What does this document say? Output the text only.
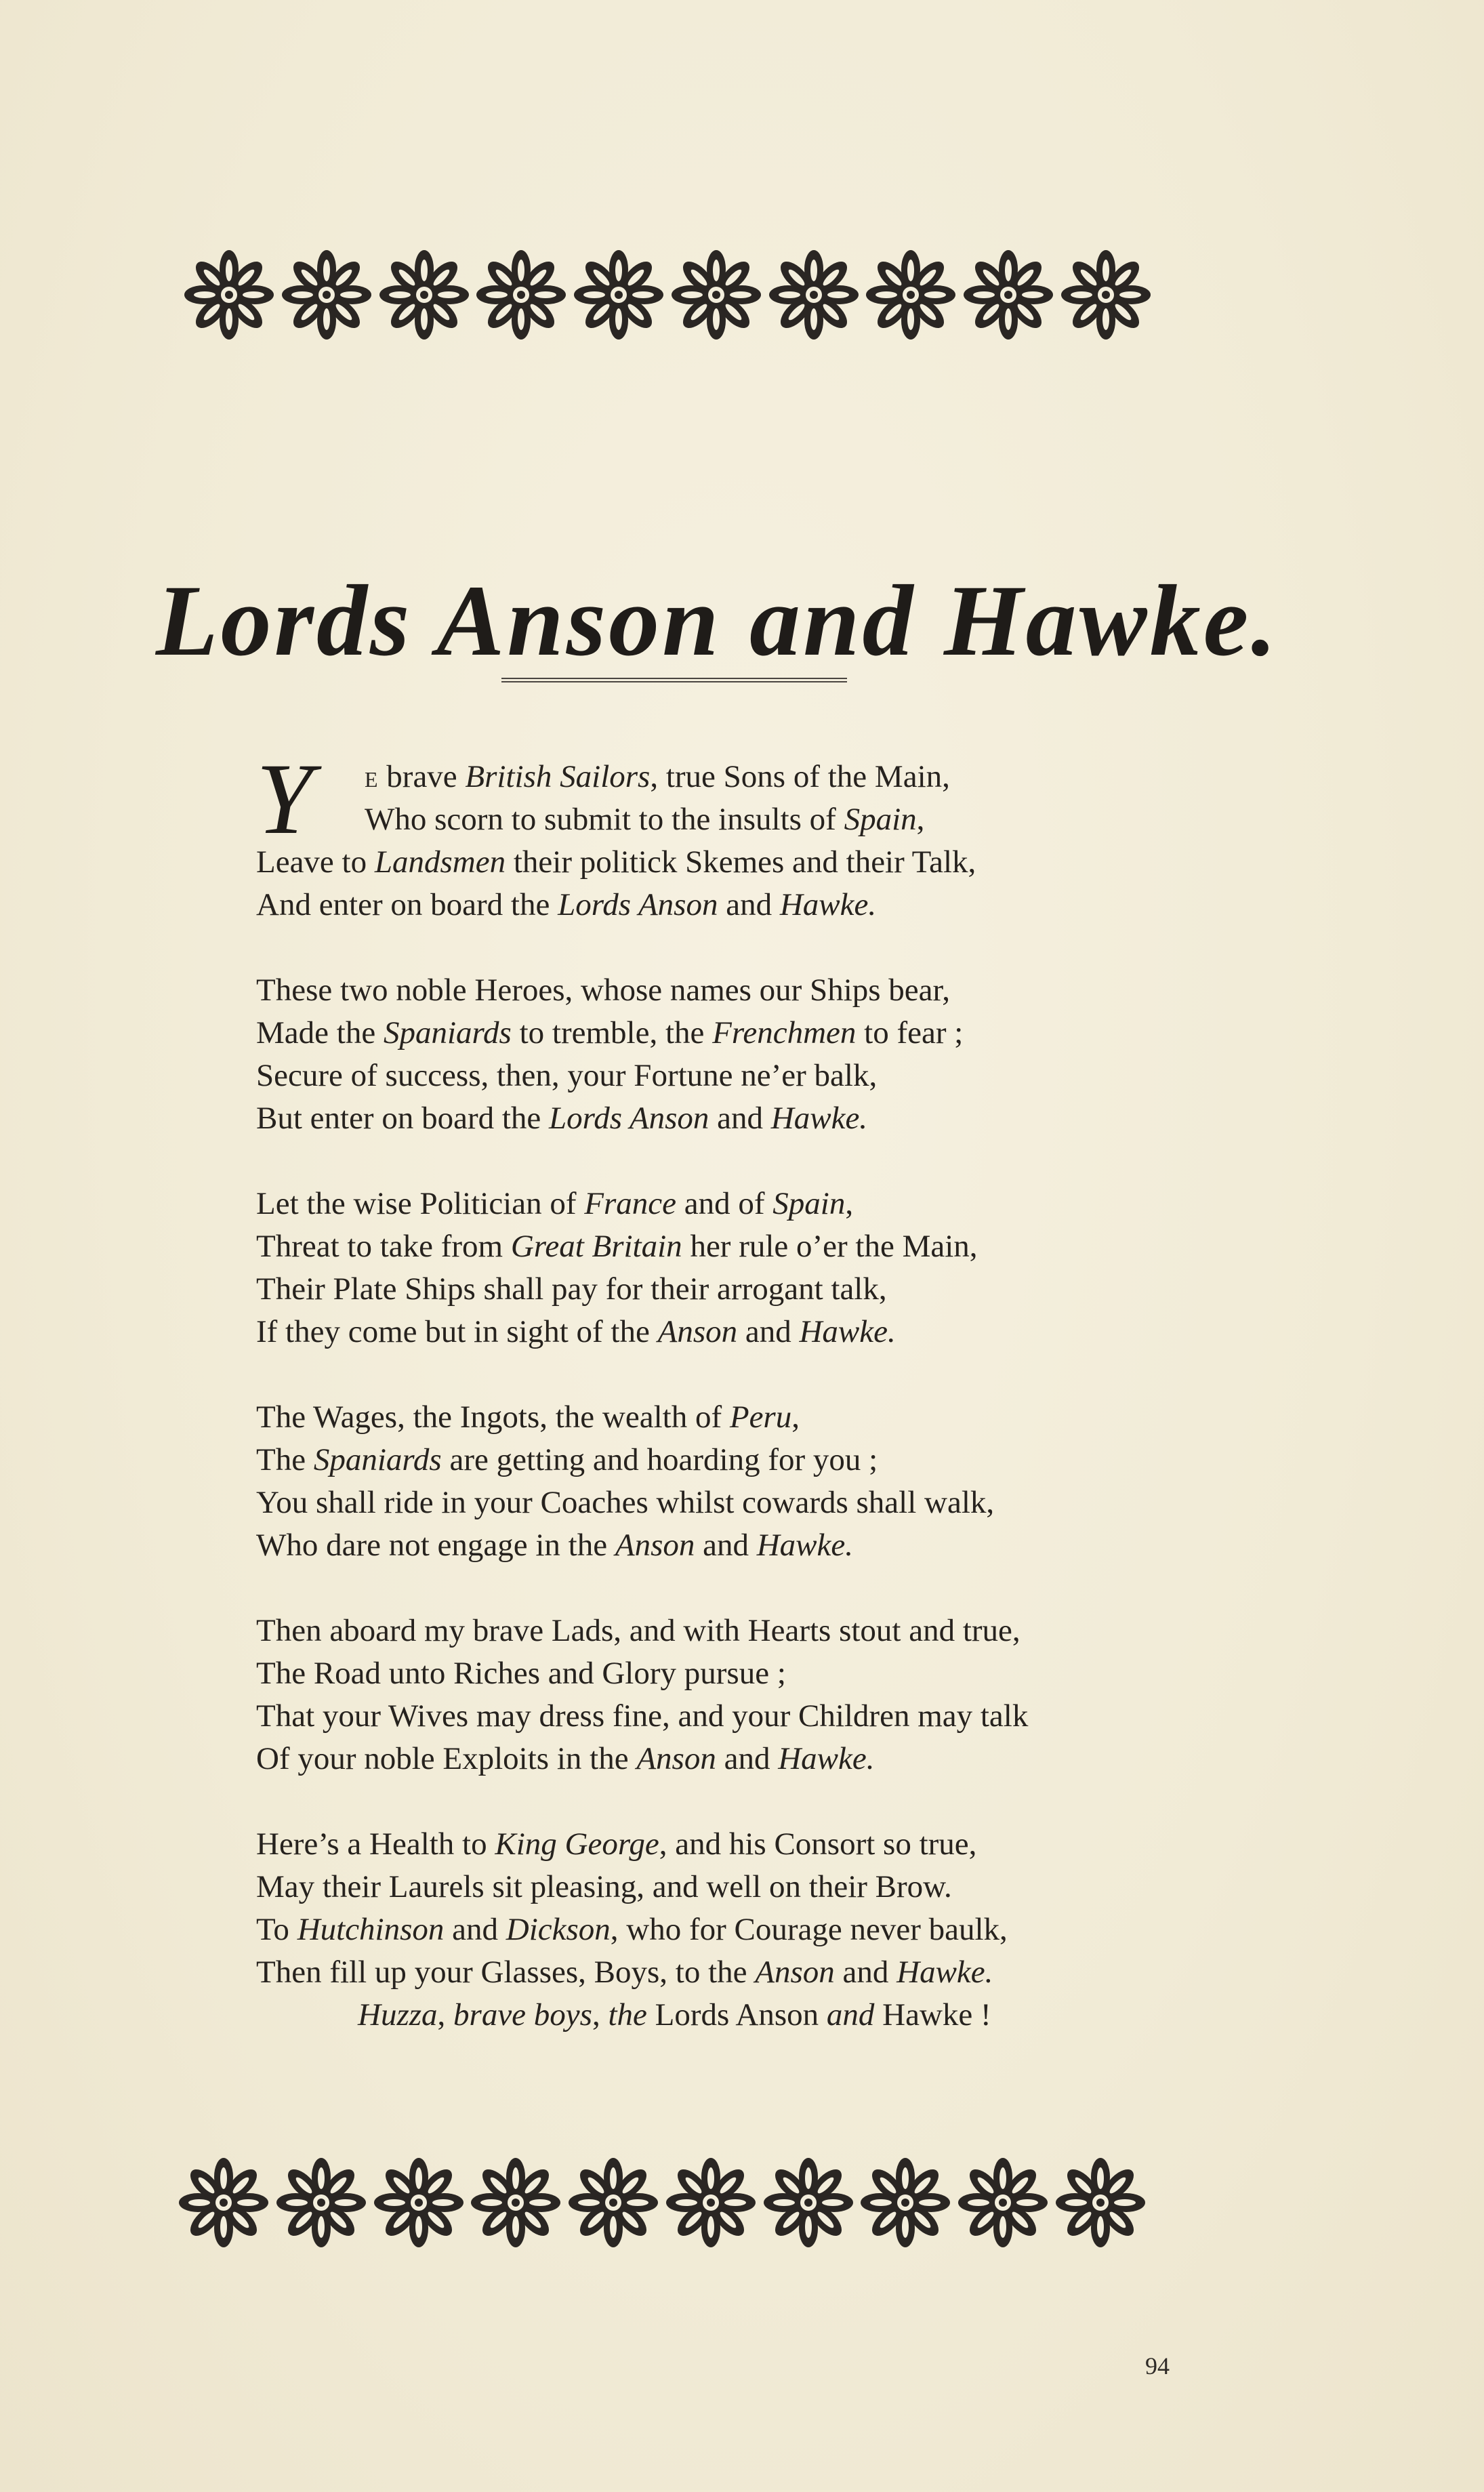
Lords Anson and Hawke.
Y	E brave British Sailors, true Sons of the Main,
Who scorn to submit to the insults of Spain,
Leave to Landsmen their politick Skemes and their Talk,
And enter on board the Lords Anson and Hawke.
These two noble Heroes, whose names our Ships bear,
Made the Spaniards to tremble, the Frenchmen to fear ;
Secure of success, then, your Fortune ne’er balk,
But enter on board the Lords Anson and Hawke.
Let the wise Politician of France and of Spain,
Threat to take from Great Britain her rule o’er the Main,
Their Plate Ships shall pay for their arrogant talk,
If they come but in sight of the Anson and Hawke.
The Wages, the Ingots, the wealth of Peru,
The Spaniards are getting and hoarding for you ;
You shall ride in your Coaches whilst cowards shall walk,
Who dare not engage in the Anson and Hawke.
Then aboard my brave Lads, and with Hearts stout and true,
The Road unto Riches and Glory pursue ;
That your Wives may dress fine, and your Children may talk
Of your noble Exploits in the Anson and Hawke.
Here’s a Health to King George, and his Consort so true,
May their Laurels sit pleasing, and well on their Brow.
To Hutchinson and Dickson, who for Courage never baulk,
Then fill up your Glasses, Boys, to the Anson and Hawke.
Huzza, brave boys, the Lords Anson and Hawke !
94
